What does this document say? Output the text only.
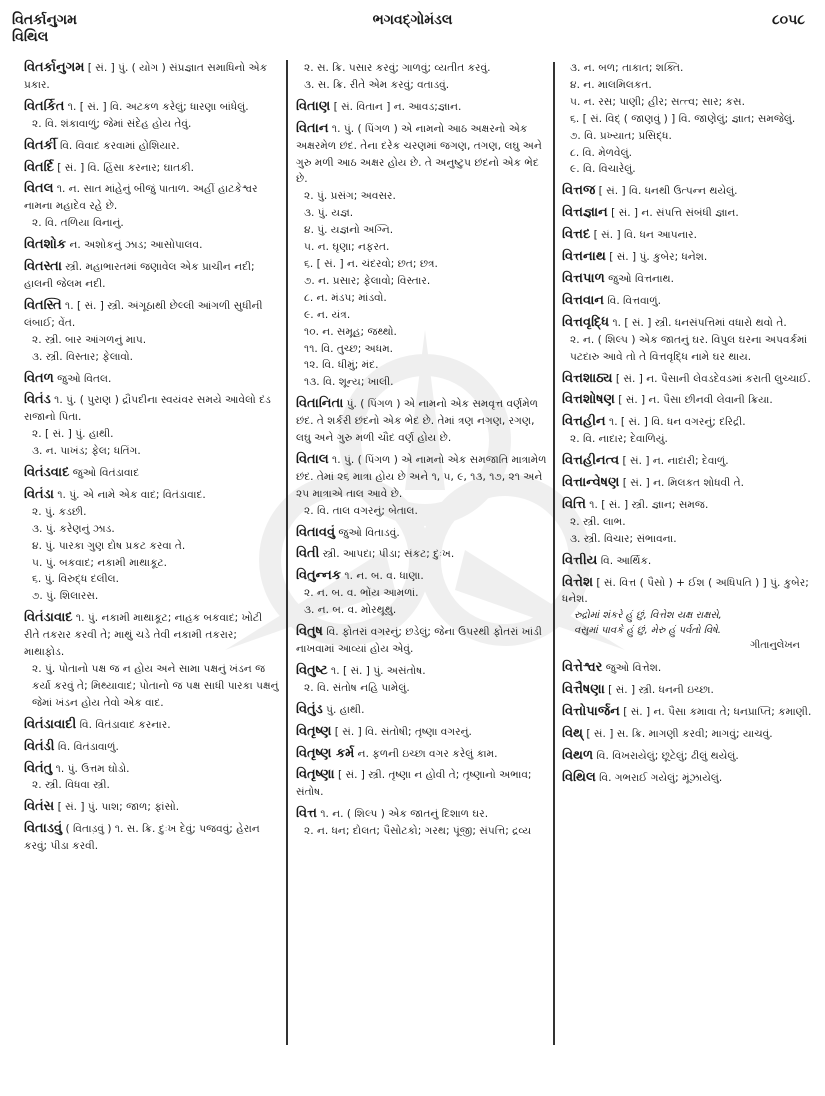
વિતર્કાનુગમ
વિથિલ
ભગવદ્ગોમંડલ	૮૦૫૮
વિતર્કાનુગમ [ સં. ] પું. ( યોગ ) સંપ્રજ્ઞાત સમાધિનો એક પ્રકાર.
વિતર્કિત ૧. [ સં. ] વિ. અટકળ કરેલું; ધારણા બાંધેલું.
૨. વિ. શંકાવાળું; જેમાં સંદેહ હોય તેવું.
વિતર્કી વિ. વિવાદ કરવામાં હોશિયાર.
વિતર્દિ [ સં. ] વિ. હિંસા કરનાર; ઘાતકી.
વિતલ ૧. ન. સાત માંહેનું બીજું પાતાળ. અહીં હાટકેશ્વર નામના મહાદેવ રહે છે.
૨. વિ. તળિયા વિનાનું.
વિતશોક ન. અશોકનું ઝાડ; આસોપાલવ.
વિતસ્તા સ્ત્રી. મહાભારતમાં જણાવેલ એક પ્રાચીન નદી; હાલની જેલમ નદી.
વિતસ્તિ ૧. [ સં. ] સ્ત્રી. અંગૂઠાથી છેલ્લી આંગળી સુધીની લંબાઈ; વેંત.
૨. સ્ત્રી. બાર આંગળનું માપ.
૩. સ્ત્રી. વિસ્તાર; ફેલાવો.
વિતળ જુઓ વિતલ.
વિતંડ ૧. પું. ( પુરાણ ) દ્રૌપદીના સ્વયંવર સમયે આવેલો દંડ રાજાનો પિતા.
૨. [ સં. ] પું. હાથી.
૩. ન. પાખંડ; ફેલ; ધતિંગ.
વિતંડવાદ જુઓ વિતંડાવાદ
વિતંડા ૧. પું. એ નામે એક વાદ; વિતંડાવાદ.
૨. પું. કડછી.
૩. પું. કરેણનું ઝાડ.
૪. પું. પારકા ગુણ દોષ પ્રકટ કરવા તે.
૫. પું. બકવાદ; નકામી માથાકૂટ.
૬. પું. વિરુદ્ધ દલીલ.
૭. પું. શિલારસ.
વિતંડાવાદ ૧. પું. નકામી માથાકૂટ; નાહક બકવાદ; ખોટી રીતે તકરાર કરવી તે; માથું ચડે તેવી નકામી તકરાર; માથાફોડ.
૨. પું. પોતાનો પક્ષ જ ન હોય અને સામા પક્ષનું ખંડન જ કર્યા કરવું તે; મિથ્યાવાદ; પોતાનો જ પક્ષ સાધી પારકા પક્ષનું જેમાં ખંડન હોય તેવો એક વાદ.
વિતંડાવાદી વિ. વિતંડાવાદ કરનાર.
વિતંડી વિ. વિતંડાવાળું.
વિતંતુ ૧. પું. ઉત્તમ ઘોડો.
૨. સ્ત્રી. વિધવા સ્ત્રી.
વિતંસ [ સં. ] પું. પાશ; જાળ; ફાંસો.
વિતાડવું ( વિતાડ઼વું ) ૧. સ. ક્રિ. દુઃખ દેવું; પજવવું; હેરાન કરવું; પીડા કરવી.
૨. સ. ક્રિ. પસાર કરવું; ગાળવું; વ્યતીત કરવું.
૩. સ. ક્રિ. રીતે એમ કરવું; વતાડવું.
વિતાણ [ સં. વિતાન ] ન. આવડ;જ્ઞાન.
વિતાન ૧. પું. ( પિંગળ ) એ નામનો આઠ અક્ષરનો એક અક્ષરમેળ છંદ. તેના દરેક ચરણમાં જગણ, તગણ, લઘુ અને ગુરુ મળી આઠ અક્ષર હોય છે. તે અનુષ્ટુપ છંદનો એક ભેદ છે.
૨. પું. પ્રસંગ; અવસર.
૩. પું. યજ્ઞ.
૪. પું. યજ્ઞનો અગ્નિ.
૫. ન. ઘૃણા; નફરત.
૬. [ સં. ] ન. ચંદરવો; છત; છત્ર.
૭. ન. પ્રસાર; ફેલાવો; વિસ્તાર.
૮. ન. મંડપ; માંડવો.
૯. ન. યંત્ર.
૧૦. ન. સમૂહ; જથ્થો.
૧૧. વિ. તુચ્છ; અધમ.
૧૨. વિ. ધીમું; મંદ.
૧૩. વિ. શૂન્ય; ખાલી.
વિતાનિતા પું. ( પિંગળ ) એ નામનો એક સમવૃત્ત વર્ણમેળ છંદ. તે શર્કરી છંદનો એક ભેદ છે. તેમાં ત્રણ નગણ, રગણ, લઘુ અને ગુરુ મળી ચૌદ વર્ણ હોય છે.
વિતાલ ૧. પું. ( પિંગળ ) એ નામનો એક સમજાતિ માત્રામેળ છંદ. તેમાં ૨૬ માત્રા હોય છે અને ૧, ૫, ૯, ૧૩, ૧૭, ૨૧ અને ૨૫ માત્રાએ તાલ આવે છે.
૨. વિ. તાલ વગરનું; બેતાલ.
વિતાવવું જુઓ વિતાડવું.
વિતી સ્ત્રી. આપદા; પીડા; સંકટ; દુઃખ.
વિતુન્નક ૧. ન. બ. વ. ધાણા.
૨. ન. બ. વ. ભોંય આમળાં.
૩. ન. બ. વ. મોરથૂથુ.
વિતુષ વિ. ફોતરાં વગરનું; છડેલું; જેના ઉપરથી ફોતરાં ખાંડી નાખવામાં આવ્યાં હોય એવું.
વિતુષ્ટ ૧. [ સં. ] પું. અસંતોષ.
૨. વિ. સંતોષ નહિ પામેલું.
વિતુંડ પું. હાથી.
વિતૃષ્ણ [ સં. ] વિ. સંતોષી; તૃષ્ણા વગરનું.
વિતૃષ્ણ કર્મ ન. ફળની ઇચ્છા વગર કરેલું કામ.
વિતૃષ્ણા [ સં. ] સ્ત્રી. તૃષ્ણા ન હોવી તે; તૃષ્ણાનો અભાવ; સંતોષ.
વિત્ત ૧. ન. ( શિલ્પ ) એક જાતનું દિશાળ ઘર.
૨. ન. ધન; દોલત; પૈસોટકો; ગરથ; પૂંજી; સંપત્તિ; દ્રવ્ય
૩. ન. બળ; તાકાત; શક્તિ.
૪. ન. માલમિલકત.
૫. ન. રસ; પાણી; હીર; સત્ત્વ; સાર; કસ.
૬. [ સં. વિદ્ ( જાણવું ) ] વિ. જાણેલું; જ્ઞાત; સમજેલું.
૭. વિ. પ્રખ્યાત; પ્રસિદ્ધ.
૮. વિ. મેળવેલું.
૯. વિ. વિચારેલું.
વિત્તજ [ સં. ] વિ. ધનથી ઉત્પન્ન થયેલું.
વિત્તજ્ઞાન [ સં. ] ન. સંપત્તિ સંબંધી જ્ઞાન.
વિત્તદ [ સં. ] વિ. ધન આપનાર.
વિત્તનાથ [ સં. ] પું. કુબેર; ધનેશ.
વિત્તપાળ જુઓ વિત્તનાથ.
વિત્તવાન વિ. વિત્તવાળું.
વિત્તવૃદ્ધિ ૧. [ સં. ] સ્ત્રી. ધનસંપત્તિમાં વધારો થવો તે.
૨. ન. ( શિલ્પ ) એક જાતનું ઘર. વિપુલ ઘરના અપવર્કમાં પટદારુ આવે તો તે વિત્તવૃદ્ધિ નામે ઘર થાય.
વિત્તશાઠ્ય [ સં. ] ન. પૈસાની લેવડદેવડમાં કરાતી લુચ્ચાઈ.
વિત્તશોષણ [ સં. ] ન. પૈસા છીનવી લેવાની ક્રિયા.
વિત્તહીન ૧. [ સં. ] વિ. ધન વગરનું; દરિદ્રી.
૨. વિ. નાદાર; દેવાળિયું.
વિત્તહીનત્વ [ સં. ] ન. નાદારી; દેવાળું.
વિત્તાન્વેષણ [ સં. ] ન. મિલકત શોધવી તે.
વિત્તિ ૧. [ સં. ] સ્ત્રી. જ્ઞાન; સમજ.
૨. સ્ત્રી. લાભ.
૩. સ્ત્રી. વિચાર; સંભાવના.
વિત્તીય વિ. આર્થિક.
વિત્તેશ [ સં. વિત્ત ( પૈસો ) + ઈશ ( અધિપતિ ) ] પું. કુબેર; ધનેશ.
રુદ્રોમાં શંકરે હું છું, વિત્તેશ યક્ષ રાક્ષસે,
વસુમાં પાવકે હું છું, મેરુ હું પર્વતો વિષે.
ગીતાનુલેખન
વિત્તેશ્વર જુઓ વિત્તેશ.
વિત્તૈષણા [ સં. ] સ્ત્રી. ધનની ઇચ્છા.
વિત્તોપાર્જન [ સં. ] ન. પૈસા કમાવા તે; ધનપ્રાપ્તિ; કમાણી.
વિથ્ [ સં. ] સ. ક્રિ. માગણી કરવી; માગવું; યાચવું.
વિથળ વિ. વિખરાયેલું; છૂટેલું; ઢીલું થયેલું.
વિથિલ વિ. ગભરાઈ ગયેલું; મૂંઝાયેલું.
